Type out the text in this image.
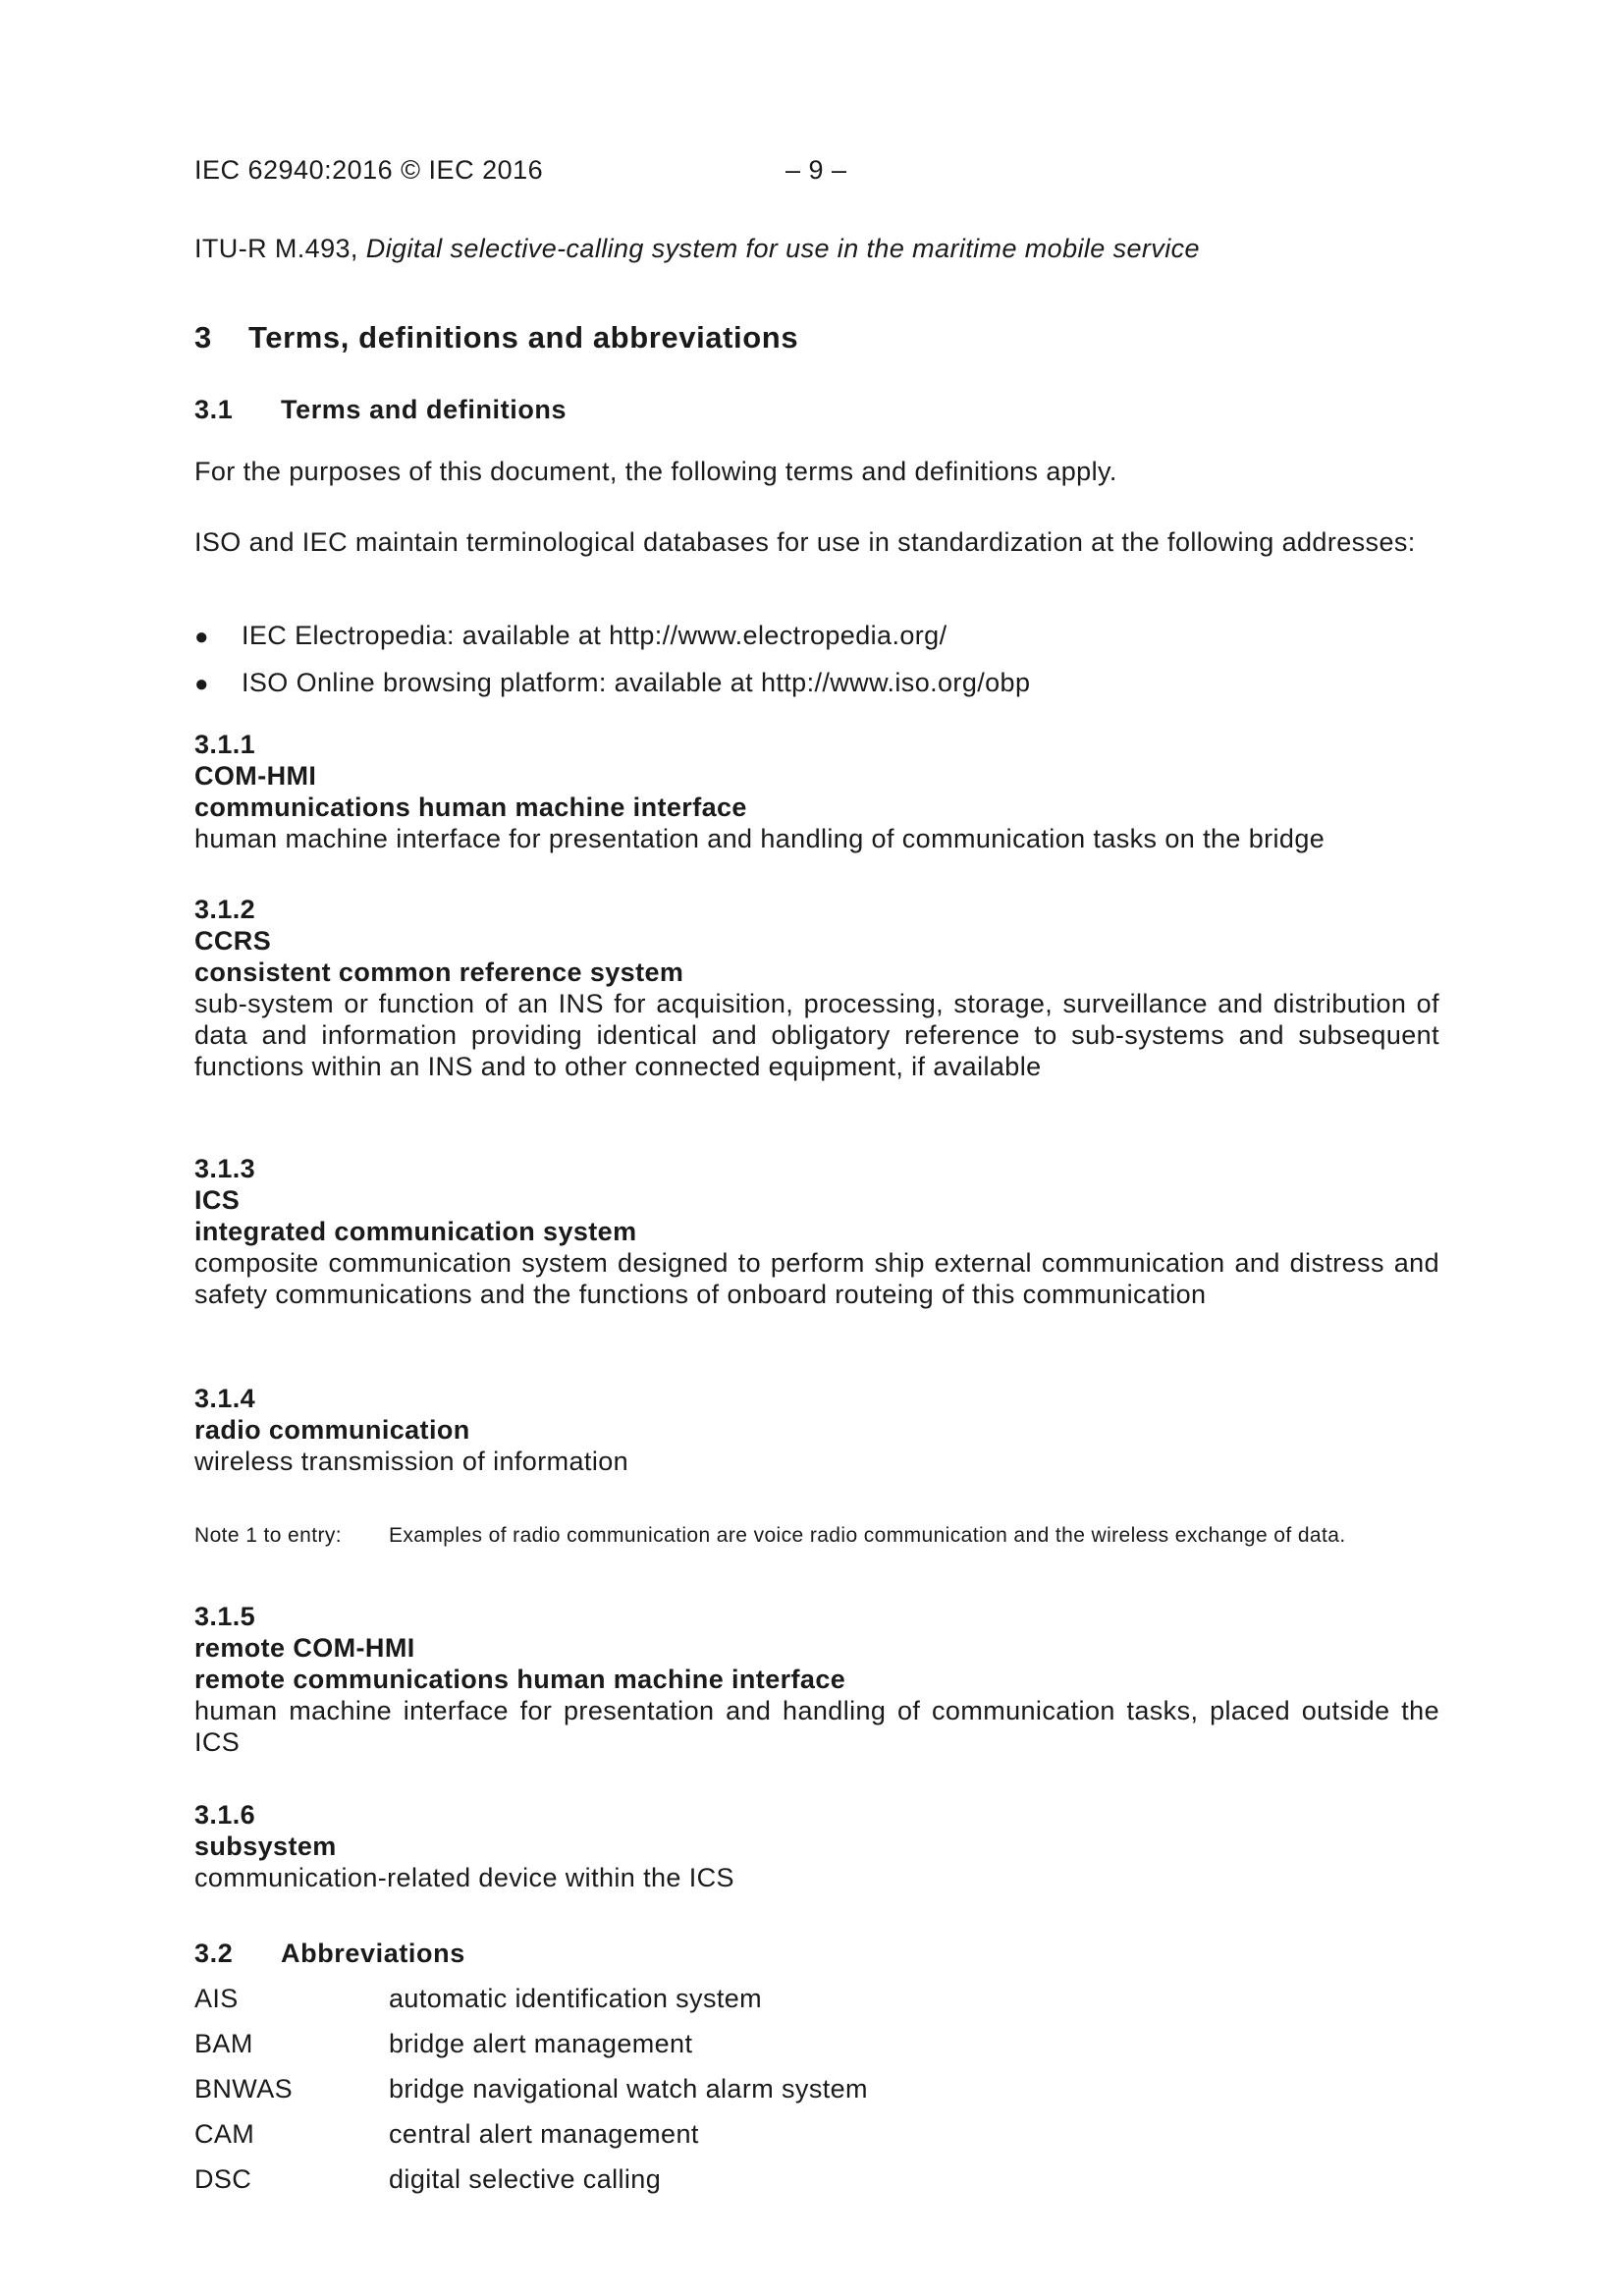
IEC 62940:2016 © IEC 2016	– 9 –
ITU-R M.493, Digital selective-calling system for use in the maritime mobile service
3 Terms, definitions and abbreviations
3.1 Terms and definitions
For the purposes of this document, the following terms and definitions apply.
ISO and IEC maintain terminological databases for use in standardization at the following addresses:
● IEC Electropedia: available at http://www.electropedia.org/
● ISO Online browsing platform: available at http://www.iso.org/obp
3.1.1
COM-HMI
communications human machine interface
human machine interface for presentation and handling of communication tasks on the bridge
3.1.2
CCRS
consistent common reference system
sub-system or function of an INS for acquisition, processing, storage, surveillance and distribution of data and information providing identical and obligatory reference to sub-systems and subsequent functions within an INS and to other connected equipment, if available
3.1.3
ICS
integrated communication system
composite communication system designed to perform ship external communication and distress and safety communications and the functions of onboard routeing of this communication
3.1.4
radio communication
wireless transmission of information
Note 1 to entry: Examples of radio communication are voice radio communication and the wireless exchange of data.
3.1.5
remote COM-HMI
remote communications human machine interface
human machine interface for presentation and handling of communication tasks, placed outside the ICS
3.1.6
subsystem
communication-related device within the ICS
3.2 Abbreviations
AIS	automatic identification system
BAM	bridge alert management
BNWAS	bridge navigational watch alarm system
CAM	central alert management
DSC	digital selective calling
